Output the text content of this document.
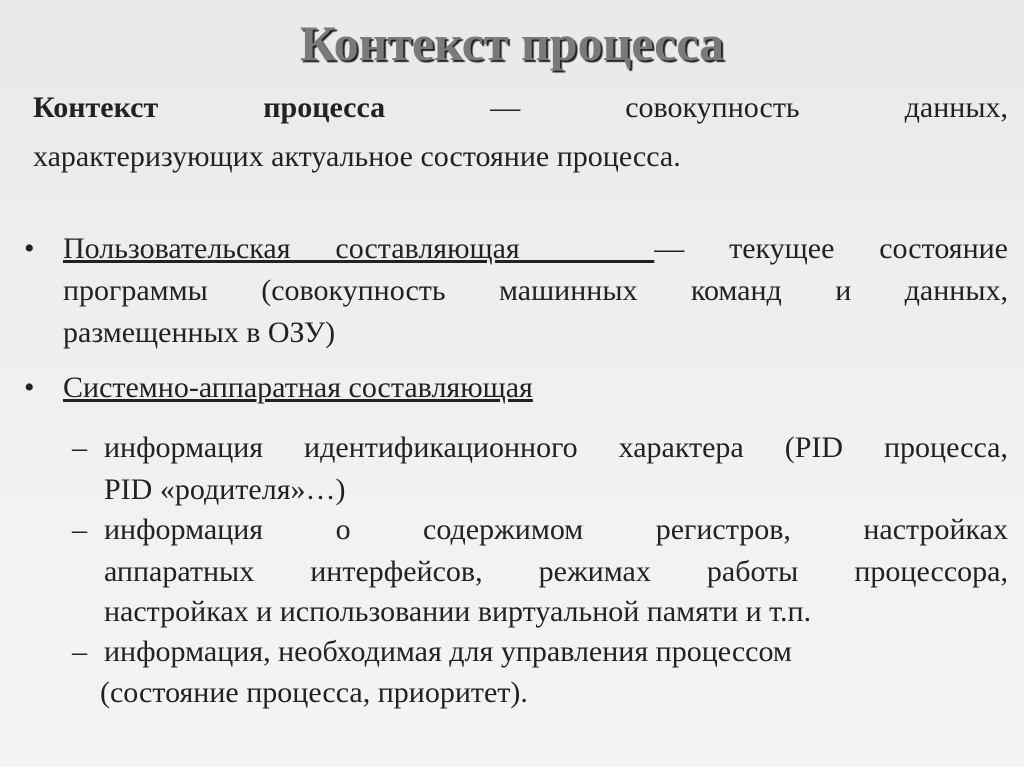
Контекст процесса
Контекст	процесса	—	совокупность	данных,
характеризующих актуальное состояние процесса.
• Пользовательская составляющая   — текущее состояние
программы (совокупность машинных команд и данных,
размещенных в ОЗУ)
• Системно-аппаратная составляющая
– информация идентификационного характера (PID процесса,
PID «родителя»…)
– информация о содержимом регистров, настройках
аппаратных интерфейсов, режимах работы процессора,
настройках и использовании виртуальной памяти и т.п.
– информация, необходимая для управления процессом
(состояние процесса, приоритет).
